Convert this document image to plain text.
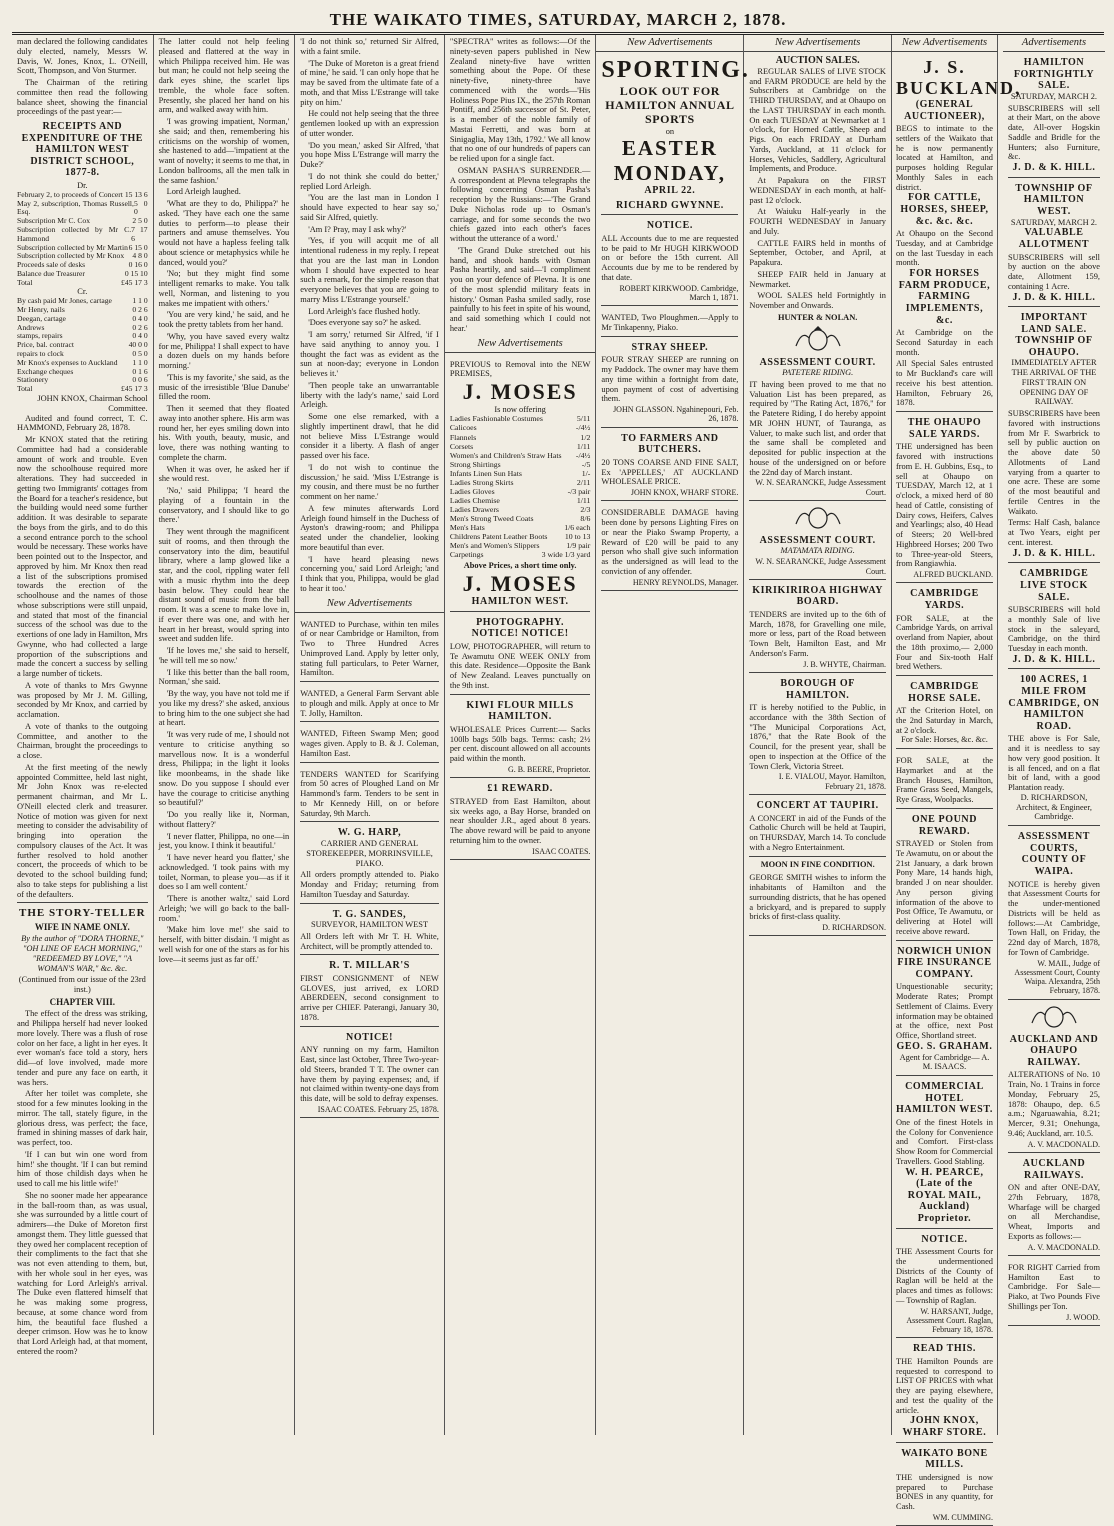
THE WAIKATO TIMES, SATURDAY, MARCH 2, 1878.

man declared the following candidates duly elected, namely, Messrs W. Davis, W. Jones, Knox, L. O'Neill, Scott, Thompson, and Von Sturmer.

The Chairman of the retiring committee then read the following balance sheet, showing the financial proceedings of the past year:—

RECEIPTS AND EXPENDITURE OF THE HAMILTON WEST DISTRICT SCHOOL, 1877-8.
Dr.
February 2, to proceeds of Concert 15 13 6
May 2, subscription, Thomas Russell, Esq.
5 0 0
Subscription Mr C. Cox	2 5 0
Subscription collected by Mr C. Hammond
7 17 6
Subscription collected by Mr Martin 6 15 0
Subscription collected by Mr Knox 4 8 0
Proceeds sale of desks	0 16 0
Balance due Treasurer	0 15 10
Total	£45 17 3
Cr.
By cash paid Mr Jones, cartage	1 1 0
Mr Henry, nails	0 2 6
Deegan, cartage	0 4 0
Andrews	0 2 6
stamps, repairs	0 4 0
Price, bal. contract	40 0 0
repairs to clock	0 5 0
Mr Knox's expenses to Auckland 1 1 0
Exchange cheques	0 1 6
Stationery	0 0 6
Total	£45 17 3
JOHN KNOX, Chairman School Committee.

Audited and found correct, T. C. HAMMOND, February 28, 1878.

Mr KNOX stated that the retiring Committee had had a considerable amount of work and trouble. Even now the schoolhouse required more alterations. They had succeeded in getting two Immigrants' cottages from the Board for a teacher's residence, but the building would need some further addition. It was desirable to separate the boys from the girls, and to do this a second entrance porch to the school would be necessary. These works have been pointed out to the Inspector, and approved by him. Mr Knox then read a list of the subscriptions promised towards the erection of the schoolhouse and the names of those whose subscriptions were still unpaid, and stated that most of the financial success of the school was due to the exertions of one lady in Hamilton, Mrs Gwynne, who had collected a large proportion of the subscriptions and made the concert a success by selling a large number of tickets.

A vote of thanks to Mrs Gwynne was proposed by Mr J. M. Gilling, seconded by Mr Knox, and carried by acclamation.

A vote of thanks to the outgoing Committee, and another to the Chairman, brought the proceedings to a close.

At the first meeting of the newly appointed Committee, held last night, Mr John Knox was re-elected permanent chairman, and Mr L. O'Neill elected clerk and treasurer. Notice of motion was given for next meeting to consider the advisability of bringing into operation the compulsory clauses of the Act. It was further resolved to hold another concert, the proceeds of which to be devoted to the school building fund; also to take steps for publishing a list of the defaulters.

THE STORY-TELLER
WIFE IN NAME ONLY.

By the author of "DORA THORNE," "OH LINE OF EACH MORNING," "REDEEMED BY LOVE," "A WOMAN'S WAR," &c. &c.

(Continued from our issue of the 23rd inst.)

CHAPTER VIII.

The effect of the dress was striking, and Philippa herself had never looked more lovely. There was a flush of rose color on her face, a light in her eyes. It ever woman's face told a story, hers did—of love involved, made more tender and pure any face on earth, it was hers.

After her toilet was complete, she stood for a few minutes looking in the mirror. The tall, stately figure, in the glorious dress, was perfect; the face, framed in shining masses of dark hair, was perfect, too.

'If I can but win one word from him!' she thought. 'If I can but remind him of those childish days when he used to call me his little wife!'

She no sooner made her appearance in the ball-room than, as was usual, she was surrounded by a little court of admirers—the Duke of Moreton first amongst them. They little guessed that they owed her complacent reception of their compliments to the fact that she was not even attending to them, but, with her whole soul in her eyes, was watching for Lord Arleigh's arrival. The Duke even flattered himself that he was making some progress, because, at some chance word from him, the beautiful face flushed a deeper crimson. How was he to know that Lord Arleigh had, at that moment, entered the room?

The latter could not help feeling pleased and flattered at the way in which Philippa received him. He was but man; he could not help seeing the dark eyes shine, the scarlet lips tremble, the whole face soften. Presently, she placed her hand on his arm, and walked away with him.

'I was growing impatient, Norman,' she said; and then, remembering his criticisms on the worship of women, she hastened to add—'impatient at the want of novelty; it seems to me that, in London ballrooms, all the men talk in the same fashion.'

Lord Arleigh laughed.

'What are they to do, Philippa?' he asked. 'They have each one the same duties to perform—to please their partners and amuse themselves. You would not have a hapless feeling talk about science or metaphysics while he danced, would you?'

'No; but they might find some intelligent remarks to make. You talk well, Norman, and listening to you makes me impatient with others.'

'You are very kind,' he said, and he took the pretty tablets from her hand.

'Why, you have saved every waltz for me, Philippa! I shall expect to have a dozen duels on my hands before morning.'

'This is my favorite,' she said, as the music of the irresistible 'Blue Danube' filled the room.

Then it seemed that they floated away into another sphere. His arm was round her, her eyes smiling down into his. With youth, beauty, music, and love, there was nothing wanting to complete the charm.

When it was over, he asked her if she would rest.

'No,' said Philippa; 'I heard the playing of a fountain in the conservatory, and I should like to go there.'

They went through the magnificent suit of rooms, and then through the conservatory into the dim, beautiful library, where a lamp glowed like a star, and the cool, rippling water fell with a music rhythm into the deep basin below. They could hear the distant sound of music from the ball room. It was a scene to make love in, if ever there was one, and with her heart in her breast, would spring into sweet and sudden life.

'If he loves me,' she said to herself, 'he will tell me so now.'

'I like this better than the ball room, Norman,' she said.

'By the way, you have not told me if you like my dress?' she asked, anxious to bring him to the one subject she had at heart.

'It was very rude of me, I should not venture to criticise anything so marvellous now. It is a wonderful dress, Philippa; in the light it looks like moonbeams, in the shade like snow. Do you suppose I should ever have the courage to criticise anything so beautiful?'

'Do you really like it, Norman, without flattery?'

'I never flatter, Philippa, no one—in jest, you know. I think it beautiful.'

'I have never heard you flatter,' she acknowledged. 'I took pains with my toilet, Norman, to please you—as if it does so I am well content.'

'There is another waltz,' said Lord Arleigh; 'we will go back to the ball-room.'

'Make him love me!' she said to herself, with bitter disdain. 'I might as well wish for one of the stars as for his love—it seems just as far off.'

'I do not think so,' returned Sir Alfred, with a faint smile.

'The Duke of Moreton is a great friend of mine,' he said. 'I can only hope that he may be saved from the ultimate fate of a moth, and that Miss L'Estrange will take pity on him.'

He could not help seeing that the three gentlemen looked up with an expression of utter wonder.

'Do you mean,' asked Sir Alfred, 'that you hope Miss L'Estrange will marry the Duke?'

'I do not think she could do better,' replied Lord Arleigh.

'You are the last man in London I should have expected to hear say so,' said Sir Alfred, quietly.

'Am I? Pray, may I ask why?'

'Yes, if you will acquit me of all intentional rudeness in my reply. I repeat that you are the last man in London whom I should have expected to hear such a remark, for the simple reason that everyone believes that you are going to marry Miss L'Estrange yourself.'

Lord Arleigh's face flushed hotly.

'Does everyone say so?' he asked.

'I am sorry,' returned Sir Alfred, 'if I have said anything to annoy you. I thought the fact was as evident as the sun at noon-day; everyone in London believes it.'

'Then people take an unwarrantable liberty with the lady's name,' said Lord Arleigh.

Some one else remarked, with a slightly impertinent drawl, that he did not believe Miss L'Estrange would consider it a liberty. A flash of anger passed over his face.

'I do not wish to continue the discussion,' he said. 'Miss L'Estrange is my cousin, and there must be no further comment on her name.'

A few minutes afterwards Lord Arleigh found himself in the Duchess of Ayston's drawing-room; and Philippa seated under the chandelier, looking more beautiful than ever.

'I have heard pleasing news concerning you,' said Lord Arleigh; 'and I think that you, Philippa, would be glad to hear it too.'

New Advertisements
WANTED to Purchase, within ten miles of or near Cambridge or Hamilton, from Two to Three Hundred Acres Unimproved Land. Apply by letter only, stating full particulars, to Peter Warner, Hamilton.
WANTED, a General Farm Servant able to plough and milk. Apply at once to Mr T. Jolly, Hamilton.
WANTED, Fifteen Swamp Men; good wages given. Apply to B. & J. Coleman, Hamilton East.
TENDERS WANTED for Scarifying from 50 acres of Ploughed Land on Mr Hammond's farm. Tenders to be sent in to Mr Kennedy Hill, on or before Saturday, 9th March.
W. G. HARP,
CARRIER AND GENERAL STOREKEEPER, MORRINSVILLE, PIAKO.
All orders promptly attended to. Piako Monday and Friday; returning from Hamilton Tuesday and Saturday.
T. G. SANDES,
SURVEYOR, HAMILTON WEST
All Orders left with Mr T. H. White, Architect, will be promptly attended to.
R. T. MILLAR'S
FIRST CONSIGNMENT of NEW GLOVES, just arrived, ex LORD ABERDEEN, second consignment to arrive per CHIEF. Paterangi, January 30, 1878.
NOTICE!
ANY running on my farm, Hamilton East, since last October, Three Two-year-old Steers, branded T T. The owner can have them by paying expenses; and, if not claimed within twenty-one days from this date, will be sold to defray expenses.
ISAAC COATES. February 25, 1878.

"SPECTRA" writes as follows:—Of the ninety-seven papers published in New Zealand ninety-five have written something about the Pope. Of these ninety-five, ninety-three have commenced with the words—'His Holiness Pope Pius IX., the 257th Roman Pontiff, and 256th successor of St. Peter, is a member of the noble family of Mastai Ferretti, and was born at Sinigaglia, May 13th, 1792.' We all know that no one of our hundreds of papers can be relied upon for a single fact.

OSMAN PASHA'S SURRENDER.—A correspondent at Plevna telegraphs the following concerning Osman Pasha's reception by the Russians:—'The Grand Duke Nicholas rode up to Osman's carriage, and for some seconds the two chiefs gazed into each other's faces without the utterance of a word.'

'The Grand Duke stretched out his hand, and shook hands with Osman Pasha heartily, and said—'I compliment you on your defence of Plevna. It is one of the most splendid military feats in history.' Osman Pasha smiled sadly, rose painfully to his feet in spite of his wound, and said something which I could not hear.'

New Advertisements
PREVIOUS to Removal into the NEW PREMISES,
J. MOSES
Is now offering
Ladies Fashionable Costumes	5/11
Calicoes	-/4½
Flannels	1/2
Corsets	1/11
Women's and Children's Straw Hats -/4½
Strong Shirtings	-/5
Infants Linen Sun Hats	1/-
Ladies Strong Skirts	2/11
Ladies Gloves	-/3 pair
Ladies Chemise	1/11
Ladies Drawers	2/3
Men's Strong Tweed Coats	8/6
Men's Hats	1/6 each
Childrens Patent Leather Boots 10 to 13
Men's and Women's Slippers	1/9 pair
Carpetings	3 wide 1/3 yard
Above Prices, a short time only.
J. MOSES
HAMILTON WEST.
PHOTOGRAPHY.
NOTICE! NOTICE!
LOW, PHOTOGRAPHER, will return to Te Awamutu ONE WEEK ONLY from this date. Residence—Opposite the Bank of New Zealand. Leaves punctually on the 9th inst.
KIWI FLOUR MILLS HAMILTON.
WHOLESALE Prices Current:— Sacks 100lb bags 50lb bags. Terms: cash; 2½ per cent. discount allowed on all accounts paid within the month.
G. B. BEERE, Proprietor.
£1 REWARD.
STRAYED from East Hamilton, about six weeks ago, a Bay Horse, branded on near shoulder J.R., aged about 8 years. The above reward will be paid to anyone returning him to the owner.
ISAAC COATES.
New Advertisements
SPORTING.
LOOK OUT FOR HAMILTON ANNUAL SPORTS
on
EASTER MONDAY,
APRIL 22.
RICHARD GWYNNE.
NOTICE.
ALL Accounts due to me are requested to be paid to Mr HUGH KIRKWOOD on or before the 15th current. All Accounts due by me to be rendered by that date.
ROBERT KIRKWOOD. Cambridge, March 1, 1871.
WANTED, Two Ploughmen.—Apply to Mr Tinkapenny, Piako.
STRAY SHEEP.
FOUR STRAY SHEEP are running on my Paddock. The owner may have them any time within a fortnight from date, upon payment of cost of advertising them.
JOHN GLASSON. Ngahinepouri, Feb. 26, 1878.
TO FARMERS AND BUTCHERS.
20 TONS COARSE AND FINE SALT, Ex 'APPELLES,' AT AUCKLAND WHOLESALE PRICE.
JOHN KNOX, WHARF STORE.
CONSIDERABLE DAMAGE having been done by persons Lighting Fires on or near the Piako Swamp Property, a Reward of £20 will be paid to any person who shall give such information as the undersigned as will lead to the conviction of any offender.
HENRY REYNOLDS, Manager.
New Advertisements
AUCTION SALES.

REGULAR SALES of LIVE STOCK and FARM PRODUCE are held by the Subscribers at Cambridge on the THIRD THURSDAY, and at Ohaupo on the LAST THURSDAY in each month. On each TUESDAY at Newmarket at 1 o'clock, for Horned Cattle, Sheep and Pigs. On each FRIDAY at Durham Yards, Auckland, at 11 o'clock for Horses, Vehicles, Saddlery, Agricultural Implements, and Produce.

At Papakura on the FIRST WEDNESDAY in each month, at half-past 12 o'clock.

At Waiuku Half-yearly in the FOURTH WEDNESDAY in January and July.

CATTLE FAIRS held in months of September, October, and April, at Papakura.

SHEEP FAIR held in January at Newmarket.

WOOL SALES held Fortnightly in November and Onwards.

HUNTER & NOLAN.
ASSESSMENT COURT.
PATETERE RIDING.
IT having been proved to me that no Valuation List has been prepared, as required by "The Rating Act, 1876," for the Patetere Riding, I do hereby appoint MR JOHN HUNT, of Tauranga, as Valuer, to make such list, and order that the same shall be completed and deposited for public inspection at the house of the undersigned on or before the 22nd day of March instant.
W. N. SEARANCKE, Judge Assessment Court.
ASSESSMENT COURT.
MATAMATA RIDING.
W. N. SEARANCKE, Judge Assessment Court.
KIRIKIRIROA HIGHWAY BOARD.
TENDERS are invited up to the 6th of March, 1878, for Gravelling one mile, more or less, part of the Road between Town Belt, Hamilton East, and Mr Anderson's Farm.
J. B. WHYTE, Chairman.
BOROUGH OF HAMILTON.
IT is hereby notified to the Public, in accordance with the 38th Section of "The Municipal Corporations Act, 1876," that the Rate Book of the Council, for the present year, shall be open to inspection at the Office of the Town Clerk, Victoria Street.
I. E. VIALOU, Mayor. Hamilton, February 21, 1878.
CONCERT AT TAUPIRI.
A CONCERT in aid of the Funds of the Catholic Church will be held at Taupiri, on THURSDAY, March 14. To conclude with a Negro Entertainment.
MOON IN FINE CONDITION.
GEORGE SMITH wishes to inform the inhabitants of Hamilton and the surrounding districts, that he has opened a brickyard, and is prepared to supply bricks of first-class quality.
D. RICHARDSON.
New Advertisements
J. S. BUCKLAND,
(GENERAL AUCTIONEER),
BEGS to intimate to the settlers of the Waikato that he is now permanently located at Hamilton, and purposes holding Regular Monthly Sales in each district.
FOR CATTLE, HORSES, SHEEP, &c. &c. &c.
At Ohaupo on the Second Tuesday, and at Cambridge on the last Tuesday in each month.
FOR HORSES FARM PRODUCE, FARMING IMPLEMENTS, &c.
At Cambridge on the Second Saturday in each month.
All Special Sales entrusted to Mr Buckland's care will receive his best attention. Hamilton, February 26, 1878.
THE OHAUPO SALE YARDS.
THE undersigned has been favored with instructions from E. H. Gubbins, Esq., to sell at Ohaupo on TUESDAY, March 12, at 1 o'clock, a mixed herd of 80 head of Cattle, consisting of Dairy cows, Heifers, Calves and Yearlings; also, 40 Head of Steers; 20 Well-bred Highbreed Horses; 200 Two to Three-year-old Steers, from Rangiawhia.
ALFRED BUCKLAND.
CAMBRIDGE YARDS.
FOR SALE, at the Cambridge Yards, on arrival overland from Napier, about the 18th proximo,— 2,000 Four and Six-tooth Half bred Wethers.
CAMBRIDGE HORSE SALE.
AT the Criterion Hotel, on the 2nd Saturday in March, at 2 o'clock.
For Sale: Horses, &c. &c.
FOR SALE, at the Haymarket and at the Branch Houses, Hamilton, Frame Grass Seed, Mangels, Rye Grass, Woolpacks.
ONE POUND REWARD.
STRAYED or Stolen from Te Awamutu, on or about the 21st January, a dark brown Pony Mare, 14 hands high, branded J on near shoulder. Any person giving information of the above to Post Office, Te Awamutu, or delivering at Hotel will receive above reward.
NORWICH UNION FIRE INSURANCE COMPANY.
Unquestionable security; Moderate Rates; Prompt Settlement of Claims. Every information may be obtained at the office, next Post Office, Shortland street.
GEO. S. GRAHAM.
Agent for Cambridge— A. M. ISAACS.
COMMERCIAL HOTEL HAMILTON WEST.
One of the finest Hotels in the Colony for Convenience and Comfort. First-class Show Room for Commercial Travellers. Good Stabling.
W. H. PEARCE, (Late of the ROYAL MAIL, Auckland) Proprietor.
NOTICE.
THE Assessment Courts for the undermentioned Districts of the County of Raglan will be held at the places and times as follows:— Township of Raglan.
W. HARSANT, Judge, Assessment Court. Raglan, February 18, 1878.
READ THIS.
THE Hamilton Pounds are requested to correspond to LIST OF PRICES with what they are paying elsewhere, and test the quality of the article.
JOHN KNOX, WHARF STORE.
WAIKATO BONE MILLS.
THE undersigned is now prepared to Purchase BONES in any quantity, for Cash.
WM. CUMMING.
Advertisements
HAMILTON FORTNIGHTLY SALE.
SATURDAY, MARCH 2.
SUBSCRIBERS will sell at their Mart, on the above date, All-over Hogskin Saddle and Bridle for the Hunters; also Furniture, &c.
J. D. & K. HILL.
TOWNSHIP OF HAMILTON WEST.
SATURDAY, MARCH 2.
VALUABLE ALLOTMENT
SUBSCRIBERS will sell by auction on the above date, Allotment 159, containing 1 Acre.
J. D. & K. HILL.
IMPORTANT LAND SALE.
TOWNSHIP OF OHAUPO.
IMMEDIATELY AFTER THE ARRIVAL OF THE FIRST TRAIN ON OPENING DAY OF RAILWAY.
SUBSCRIBERS have been favored with instructions from Mr F. Swarbrick to sell by public auction on the above date 50 Allotments of Land varying from a quarter to one acre. These are some of the most beautiful and fertile Centres in the Waikato.
Terms: Half Cash, balance at Two Years, eight per cent. interest.
J. D. & K. HILL.
CAMBRIDGE LIVE STOCK SALE.
SUBSCRIBERS will hold a monthly Sale of live stock in the saleyard, Cambridge, on the third Tuesday in each month.
J. D. & K. HILL.
100 ACRES, 1 MILE FROM CAMBRIDGE, ON HAMILTON ROAD.
THE above is For Sale, and it is needless to say how very good position. It is all fenced, and on a flat bit of land, with a good Plantation ready.
D. RICHARDSON, Architect, & Engineer, Cambridge.
ASSESSMENT COURTS, COUNTY OF WAIPA.
NOTICE is hereby given that Assessment Courts for the under-mentioned Districts will be held as follows:—At Cambridge, Town Hall, on Friday, the 22nd day of March, 1878, for Town of Cambridge.
W. MAIL, Judge of Assessment Court, County Waipa. Alexandra, 25th February, 1878.
AUCKLAND AND OHAUPO RAILWAY.
ALTERATIONS of No. 10 Train, No. 1 Trains in force Monday, February 25, 1878: Ohaupo, dep. 6.5 a.m.; Ngaruawahia, 8.21; Mercer, 9.31; Onehunga, 9.46; Auckland, arr. 10.5.
A. V. MACDONALD.
AUCKLAND RAILWAYS.
ON and after ONE-DAY, 27th February, 1878, Wharfage will be charged on all Merchandise, Wheat, Imports and Exports as follows:—
A. V. MACDONALD.
FOR RIGHT Carried from Hamilton East to Cambridge. For Sale— Piako, at Two Pounds Five Shillings per Ton.
J. WOOD.
